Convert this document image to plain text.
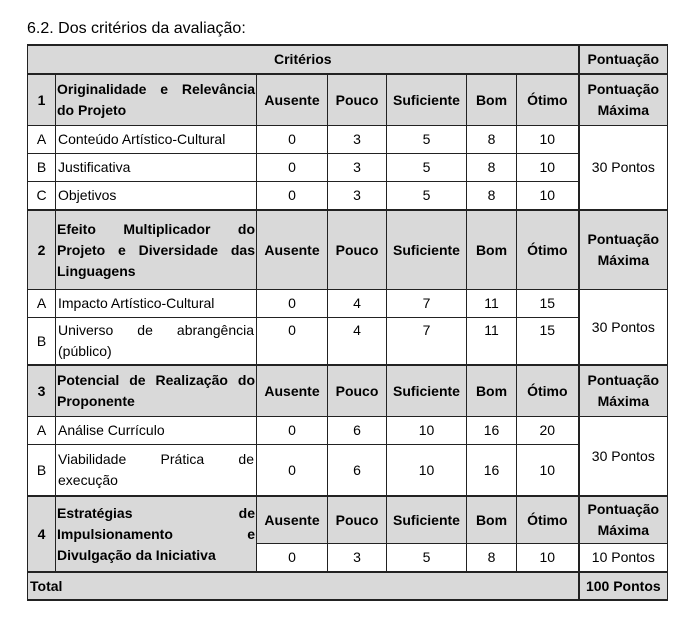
6.2. Dos critérios da avaliação:
Critérios							Pontuação
1	Originalidade e Relevância do Projeto	Ausente	Pouco	Suficiente	Bom	Ótimo	Pontuação Máxima
A	Conteúdo Artístico-Cultural	0	3	5	8	10	30 Pontos
B	Justificativa	0	3	5	8	10	
C	Objetivos	0	3	5	8	10	
2	Efeito Multiplicador do
Projeto e Diversidade das
Linguagens	Ausente	Pouco	Suficiente	Bom	Ótimo	Pontuação Máxima
A	Impacto Artístico-Cultural	0	4	7	11	15	30 Pontos
B	Universo de abrangência
(público)	0	4	7	11	15	
3	Potencial de Realização do
Proponente	Ausente	Pouco	Suficiente	Bom	Ótimo	Pontuação Máxima
A	Análise Currículo	0	6	10	16	20	30 Pontos
B	Viabilidade Prática de
execução	0	6	10	16	10	
4	Estratégias de
Impulsionamento e
Divulgação da Iniciativa	Ausente	Pouco	Suficiente	Bom	Ótimo	Pontuação Máxima
		0	3	5	8	10	10 Pontos
Total							100 Pontos
